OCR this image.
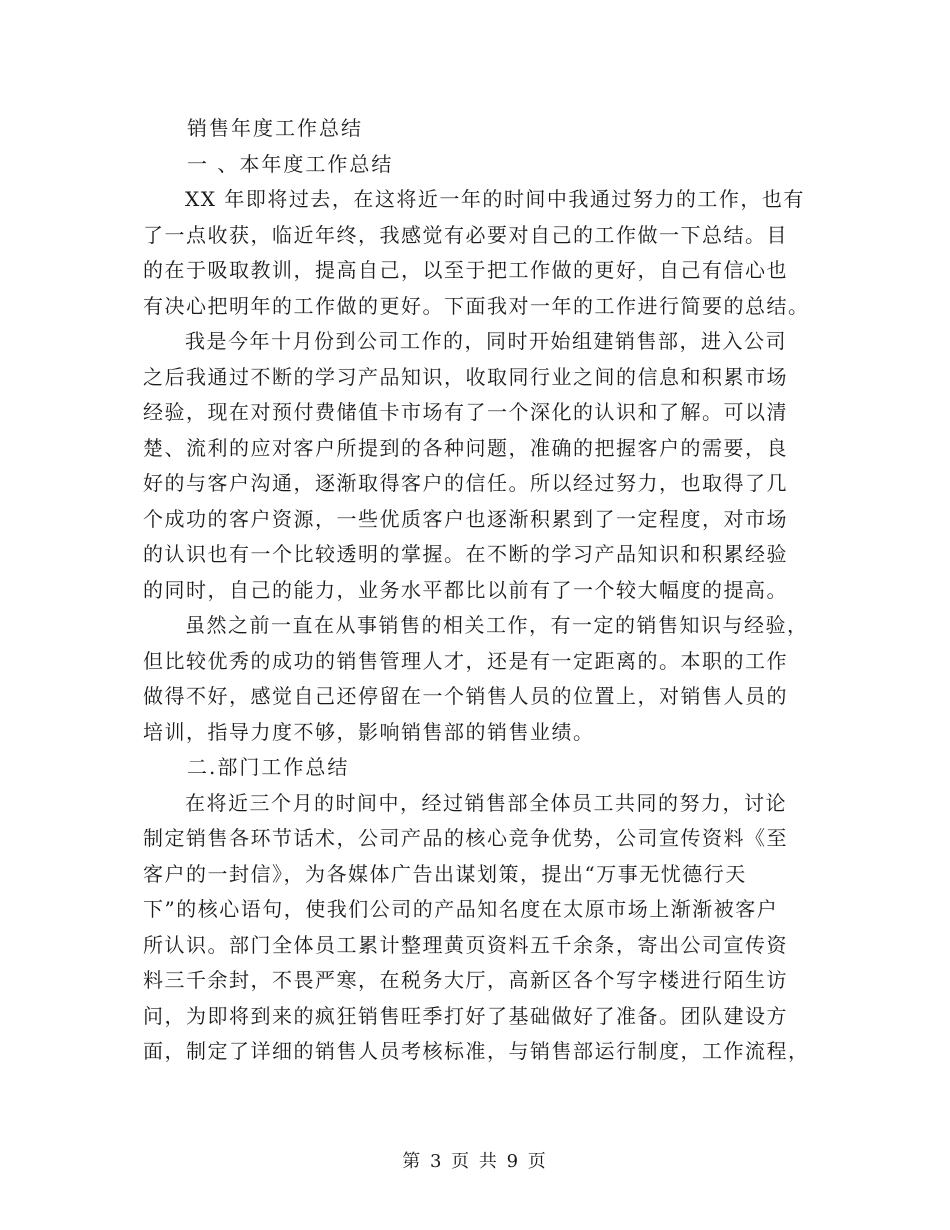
销售年度工作总结
一 、本年度工作总结
XX 年即将过去，在这将近一年的时间中我通过努力的工作，也有
了一点收获，临近年终，我感觉有必要对自己的工作做一下总结。目
的在于吸取教训，提高自己，以至于把工作做的更好，自己有信心也
有决心把明年的工作做的更好。下面我对一年的工作进行简要的总结。
我是今年十月份到公司工作的，同时开始组建销售部，进入公司
之后我通过不断的学习产品知识，收取同行业之间的信息和积累市场
经验，现在对预付费储值卡市场有了一个深化的认识和了解。可以清
楚、流利的应对客户所提到的各种问题，准确的把握客户的需要，良
好的与客户沟通，逐渐取得客户的信任。所以经过努力，也取得了几
个成功的客户资源，一些优质客户也逐渐积累到了一定程度，对市场
的认识也有一个比较透明的掌握。在不断的学习产品知识和积累经验
的同时，自己的能力，业务水平都比以前有了一个较大幅度的提高。
虽然之前一直在从事销售的相关工作，有一定的销售知识与经验，
但比较优秀的成功的销售管理人才，还是有一定距离的。本职的工作
做得不好，感觉自己还停留在一个销售人员的位置上，对销售人员的
培训，指导力度不够，影响销售部的销售业绩。
二.部门工作总结
在将近三个月的时间中，经过销售部全体员工共同的努力，讨论
制定销售各环节话术，公司产品的核心竞争优势，公司宣传资料《至
客户的一封信》，为各媒体广告出谋划策，提出“万事无忧德行天
下”的核心语句，使我们公司的产品知名度在太原市场上渐渐被客户
所认识。部门全体员工累计整理黄页资料五千余条，寄出公司宣传资
料三千余封，不畏严寒，在税务大厅，高新区各个写字楼进行陌生访
问，为即将到来的疯狂销售旺季打好了基础做好了准备。团队建设方
面，制定了详细的销售人员考核标准，与销售部运行制度，工作流程，
第 3 页 共 9 页
